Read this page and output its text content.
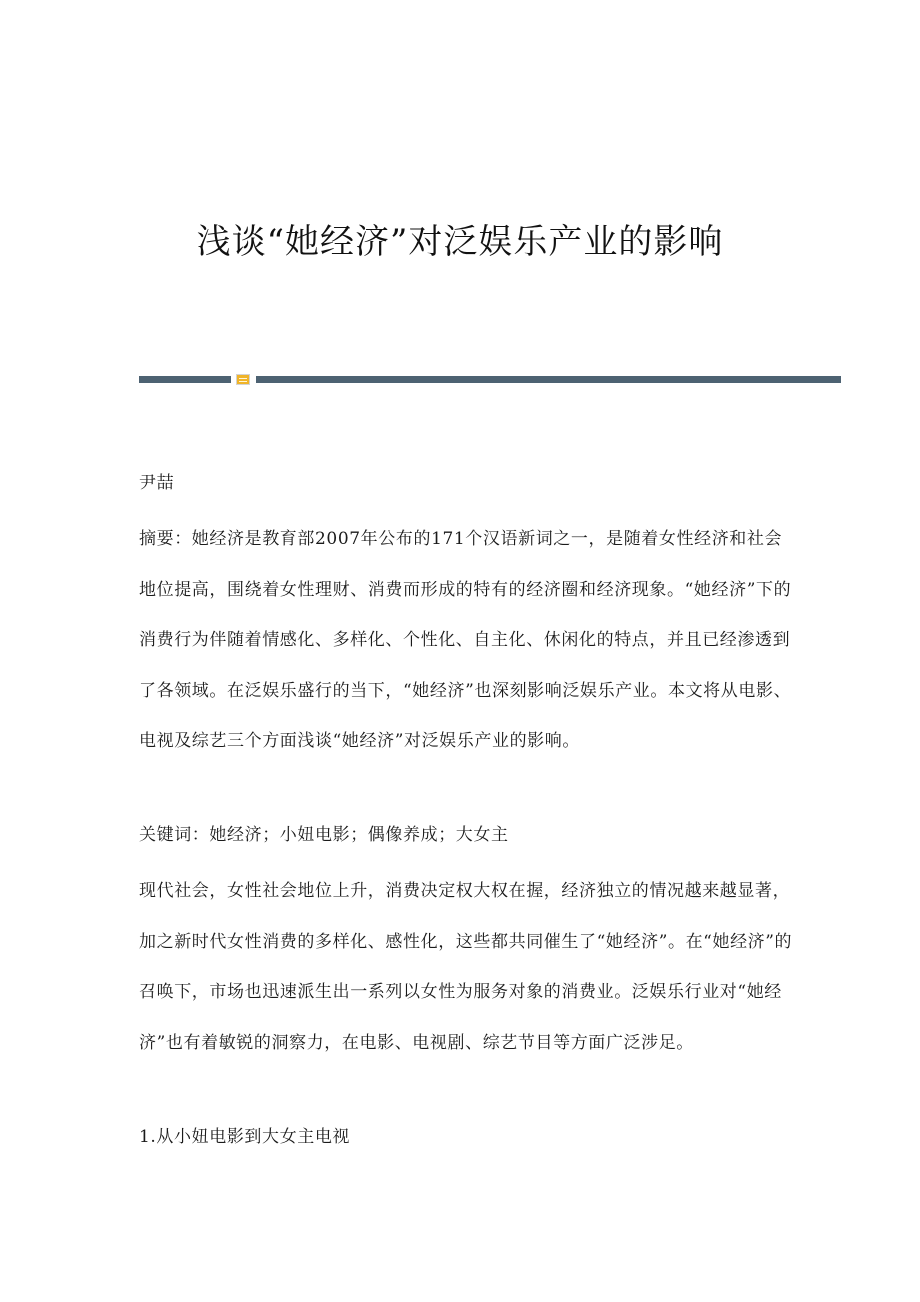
浅谈“她经济”对泛娱乐产业的影响

尹喆

摘要：她经济是教育部2007年公布的171个汉语新词之一，是随着女性经济和社会地位提高，围绕着女性理财、消费而形成的特有的经济圈和经济现象。“她经济”下的消费行为伴随着情感化、多样化、个性化、自主化、休闲化的特点，并且已经渗透到了各领域。在泛娱乐盛行的当下，“她经济”也深刻影响泛娱乐产业。本文将从电影、电视及综艺三个方面浅谈“她经济”对泛娱乐产业的影响。

关键词：她经济；小妞电影；偶像养成；大女主

现代社会，女性社会地位上升，消费决定权大权在握，经济独立的情况越来越显著，加之新时代女性消费的多样化、感性化，这些都共同催生了“她经济”。在“她经济”的召唤下，市场也迅速派生出一系列以女性为服务对象的消费业。泛娱乐行业对“她经济”也有着敏锐的洞察力，在电影、电视剧、综艺节目等方面广泛涉足。

1.从小妞电影到大女主电视
